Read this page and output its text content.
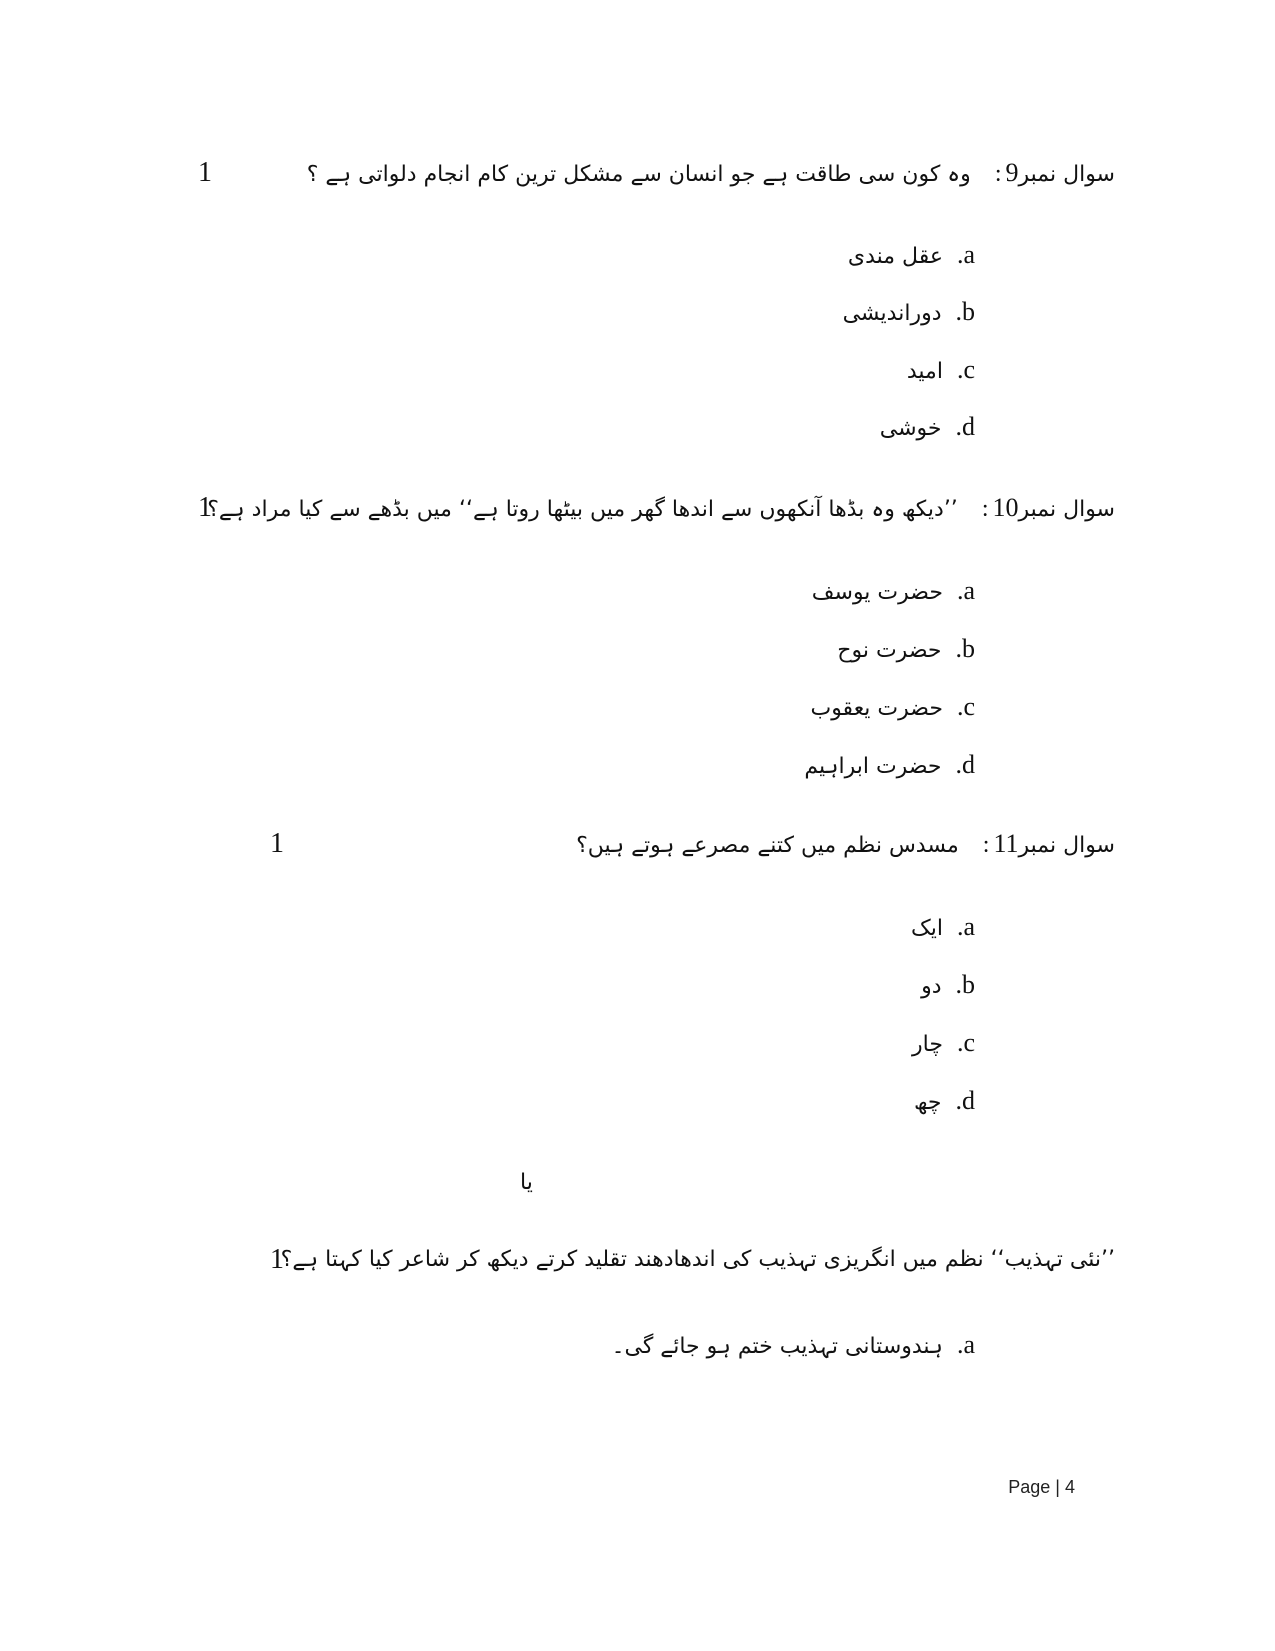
سوال نمبر9:وہ کون سی طاقت ہے جو انسان سے مشکل ترین کام انجام دلواتی ہے ؟
1
a.عقل مندی
b.دوراندیشی
c.امید
d.خوشی
سوال نمبر10:’’دیکھ وہ بڈھا آنکھوں سے اندھا گھر میں بیٹھا روتا ہے‘‘ میں بڈھے سے کیا مراد ہے؟
1
a.حضرت یوسف
b.حضرت نوح
c.حضرت یعقوب
d.حضرت ابراہیم
سوال نمبر11:مسدس نظم میں کتنے مصرعے ہوتے ہیں؟
1
a.ایک
b.دو
c.چار
d.چھ
یا
’’نئی تہذیب‘‘ نظم میں انگریزی تہذیب کی اندھادھند تقلید کرتے دیکھ کر شاعر کیا کہتا ہے؟
1
a.ہندوستانی تہذیب ختم ہو جائے گی۔
Page | 4
